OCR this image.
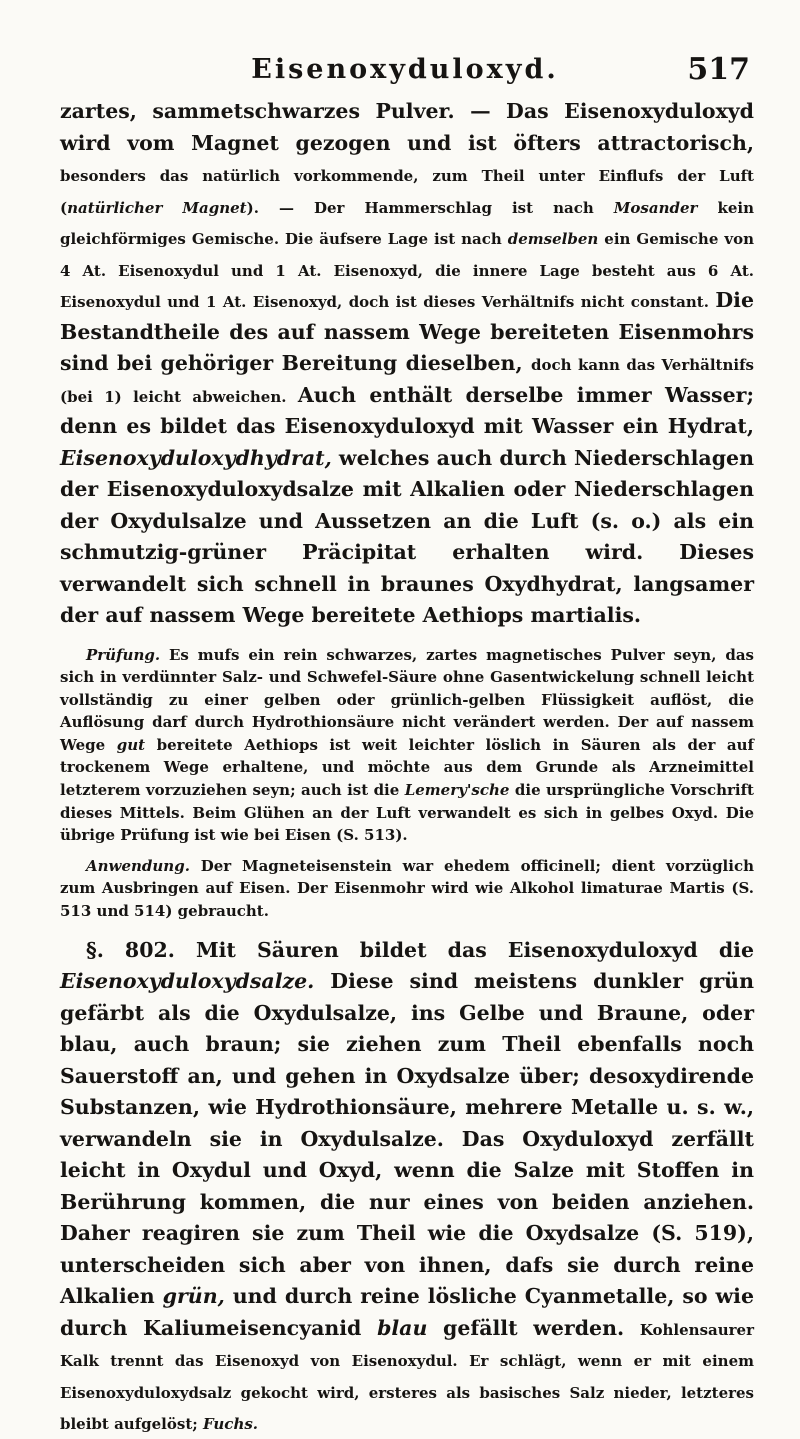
Eisenoxyduloxyd.	517

zartes, sammetschwarzes Pulver. — Das Eisenoxyduloxyd wird vom Magnet gezogen und ist öfters attractorisch, besonders das natürlich vorkommende, zum Theil unter Einflufs der Luft (natürlicher Magnet). — Der Hammerschlag ist nach Mosander kein gleichförmiges Gemische. Die äufsere Lage ist nach demselben ein Gemische von 4 At. Eisenoxydul und 1 At. Eisenoxyd, die innere Lage besteht aus 6 At. Eisenoxydul und 1 At. Eisenoxyd, doch ist dieses Verhältnifs nicht constant. Die Bestandtheile des auf nassem Wege bereiteten Eisenmohrs sind bei gehöriger Bereitung dieselben, doch kann das Verhältnifs (bei 1) leicht abweichen. Auch enthält derselbe immer Wasser; denn es bildet das Eisenoxyduloxyd mit Wasser ein Hydrat, Eisenoxyduloxydhydrat, welches auch durch Niederschlagen der Eisenoxyduloxydsalze mit Alkalien oder Niederschlagen der Oxydulsalze und Aussetzen an die Luft (s. o.) als ein schmutzig-grüner Präcipitat erhalten wird. Dieses verwandelt sich schnell in braunes Oxydhydrat, langsamer der auf nassem Wege bereitete Aethiops martialis.

Prüfung. Es mufs ein rein schwarzes, zartes magnetisches Pulver seyn, das sich in verdünnter Salz- und Schwefel-Säure ohne Gasentwickelung schnell leicht vollständig zu einer gelben oder grünlich-gelben Flüssigkeit auflöst, die Auflösung darf durch Hydrothionsäure nicht verändert werden. Der auf nassem Wege gut bereitete Aethiops ist weit leichter löslich in Säuren als der auf trockenem Wege erhaltene, und möchte aus dem Grunde als Arzneimittel letzterem vorzuziehen seyn; auch ist die Lemery'sche die ursprüngliche Vorschrift dieses Mittels. Beim Glühen an der Luft verwandelt es sich in gelbes Oxyd. Die übrige Prüfung ist wie bei Eisen (S. 513).

Anwendung. Der Magneteisenstein war ehedem officinell; dient vorzüglich zum Ausbringen auf Eisen. Der Eisenmohr wird wie Alkohol limaturae Martis (S. 513 und 514) gebraucht.

§. 802. Mit Säuren bildet das Eisenoxyduloxyd die Eisenoxyduloxydsalze. Diese sind meistens dunkler grün gefärbt als die Oxydulsalze, ins Gelbe und Braune, oder blau, auch braun; sie ziehen zum Theil ebenfalls noch Sauerstoff an, und gehen in Oxydsalze über; desoxydirende Substanzen, wie Hydrothionsäure, mehrere Metalle u. s. w., verwandeln sie in Oxydulsalze. Das Oxyduloxyd zerfällt leicht in Oxydul und Oxyd, wenn die Salze mit Stoffen in Berührung kommen, die nur eines von beiden anziehen. Daher reagiren sie zum Theil wie die Oxydsalze (S. 519), unterscheiden sich aber von ihnen, dafs sie durch reine Alkalien grün, und durch reine lösliche Cyanmetalle, so wie durch Kaliumeisencyanid blau gefällt werden. Kohlensaurer Kalk trennt das Eisenoxyd von Eisenoxydul. Er schlägt, wenn er mit einem Eisenoxyduloxydsalz gekocht wird, ersteres als basisches Salz nieder, letzteres bleibt aufgelöst; Fuchs.
